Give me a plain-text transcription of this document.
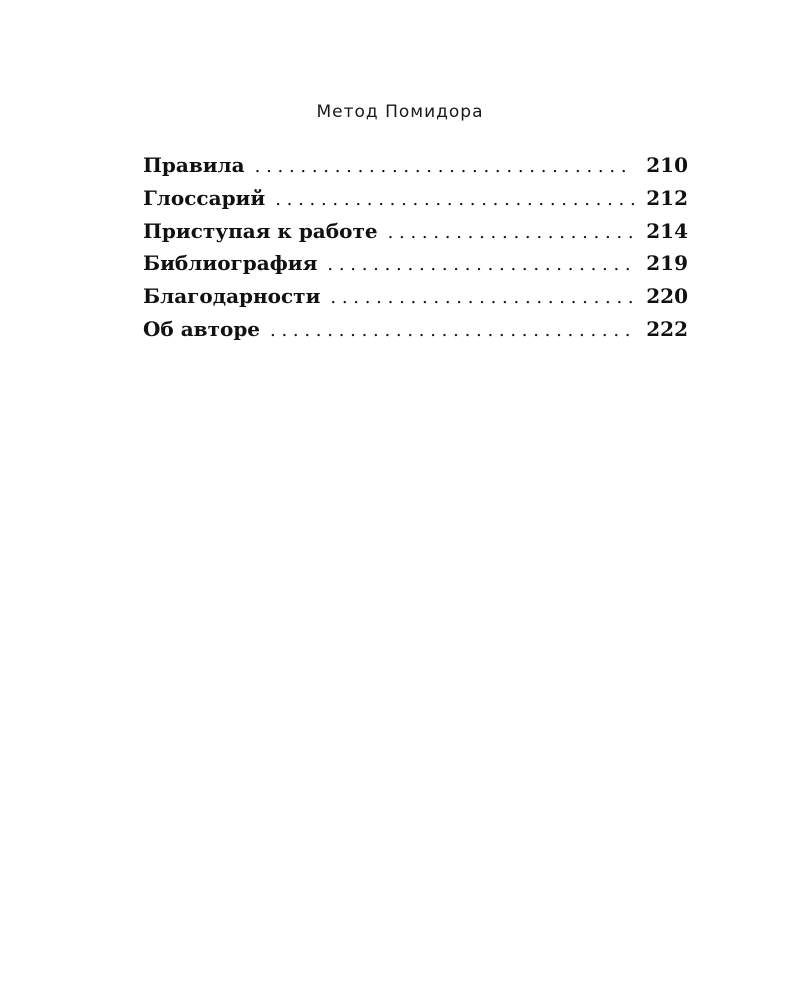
Метод Помидора
Правила . . .	210
Глоссарий . . .	212
Приступая к работе . . .	214
Библиография . . .	219
Благодарности . . .	220
Об авторе . . .	222
